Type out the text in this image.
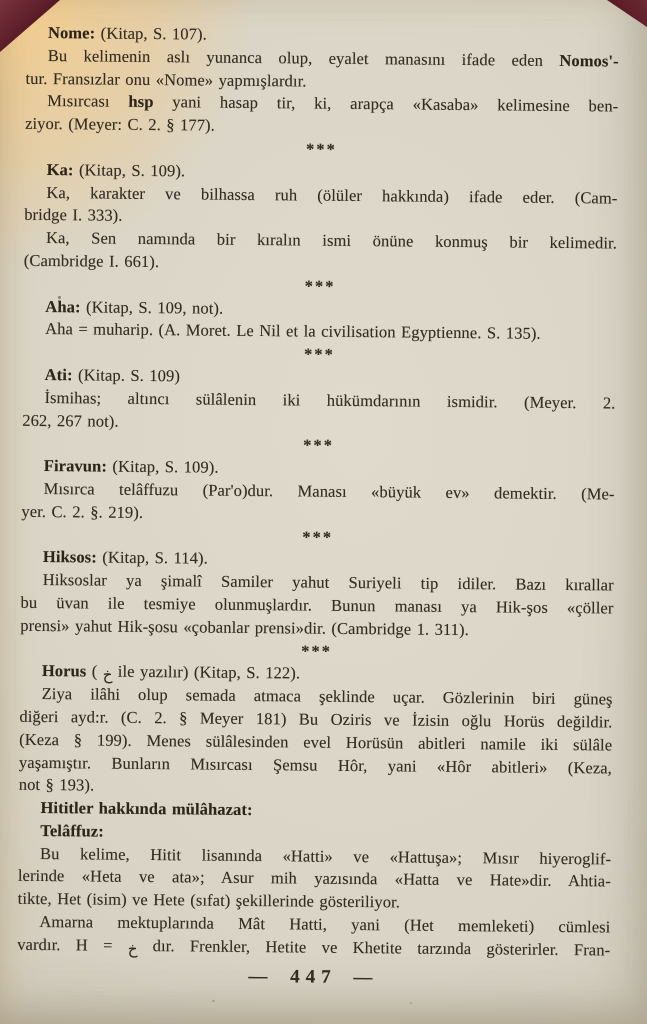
Nome: (Kitap, S. 107).
Bu kelimenin aslı yunanca olup, eyalet manasını ifade eden Nomos'-
tur. Fransızlar onu «Nome» yapmışlardır.
Mısırcası hsp yani hasap tir, ki, arapça «Kasaba» kelimesine ben-
ziyor. (Meyer: C. 2. § 177).
***
Ka: (Kitap, S. 109).
Ka, karakter ve bilhassa ruh (ölüler hakkında) ifade eder. (Cam-
bridge I. 333).
Ka, Sen namında bir kıralın ismi önüne konmuş bir kelimedir.
(Cambridge I. 661).
***
Aha: (Kitap, S. 109, not).
Aha = muharip. (A. Moret. Le Nil et la civilisation Egyptienne. S. 135).
***
Ati: (Kitap. S. 109)
İsmihas; altıncı sülâlenin iki hükümdarının ismidir. (Meyer. 2.
262, 267 not).
***
Firavun: (Kitap, S. 109).
Mısırca telâffuzu (Par'o)dur. Manası «büyük ev» demektir. (Me-
yer. C. 2. §. 219).
***
Hiksos: (Kitap, S. 114).
Hiksoslar ya şimalî Samiler yahut Suriyeli tip idiler. Bazı kırallar
bu üvan ile tesmiye olunmuşlardır. Bunun manası ya Hik-şos «çöller
prensi» yahut Hik-şosu «çobanlar prensi»dir. (Cambridge 1. 311).
***
Horus ( خ ile yazılır) (Kitap, S. 122).
Ziya ilâhi olup semada atmaca şeklinde uçar. Gözlerinin biri güneş
diğeri ayd:r. (C. 2. § Meyer 181) Bu Oziris ve İzisin oğlu Horüs değildir.
(Keza § 199). Menes sülâlesinden evel Horüsün abitleri namile iki sülâle
yaşamıştır. Bunların Mısırcası Şemsu Hôr, yani «Hôr abitleri» (Keza,
not § 193).
Hititler hakkında mülâhazat:
Telâffuz:
Bu kelime, Hitit lisanında «Hatti» ve «Hattuşa»; Mısır hiyeroglif-
lerinde «Heta ve ata»; Asur mih yazısında «Hatta ve Hate»dir. Ahtia-
tikte, Het (isim) ve Hete (sıfat) şekillerinde gösteriliyor.
Amarna mektuplarında Mât Hatti, yani (Het memleketi) cümlesi
vardır. H = خ dır. Frenkler, Hetite ve Khetite tarzında gösterirler. Fran-
— 447 —
